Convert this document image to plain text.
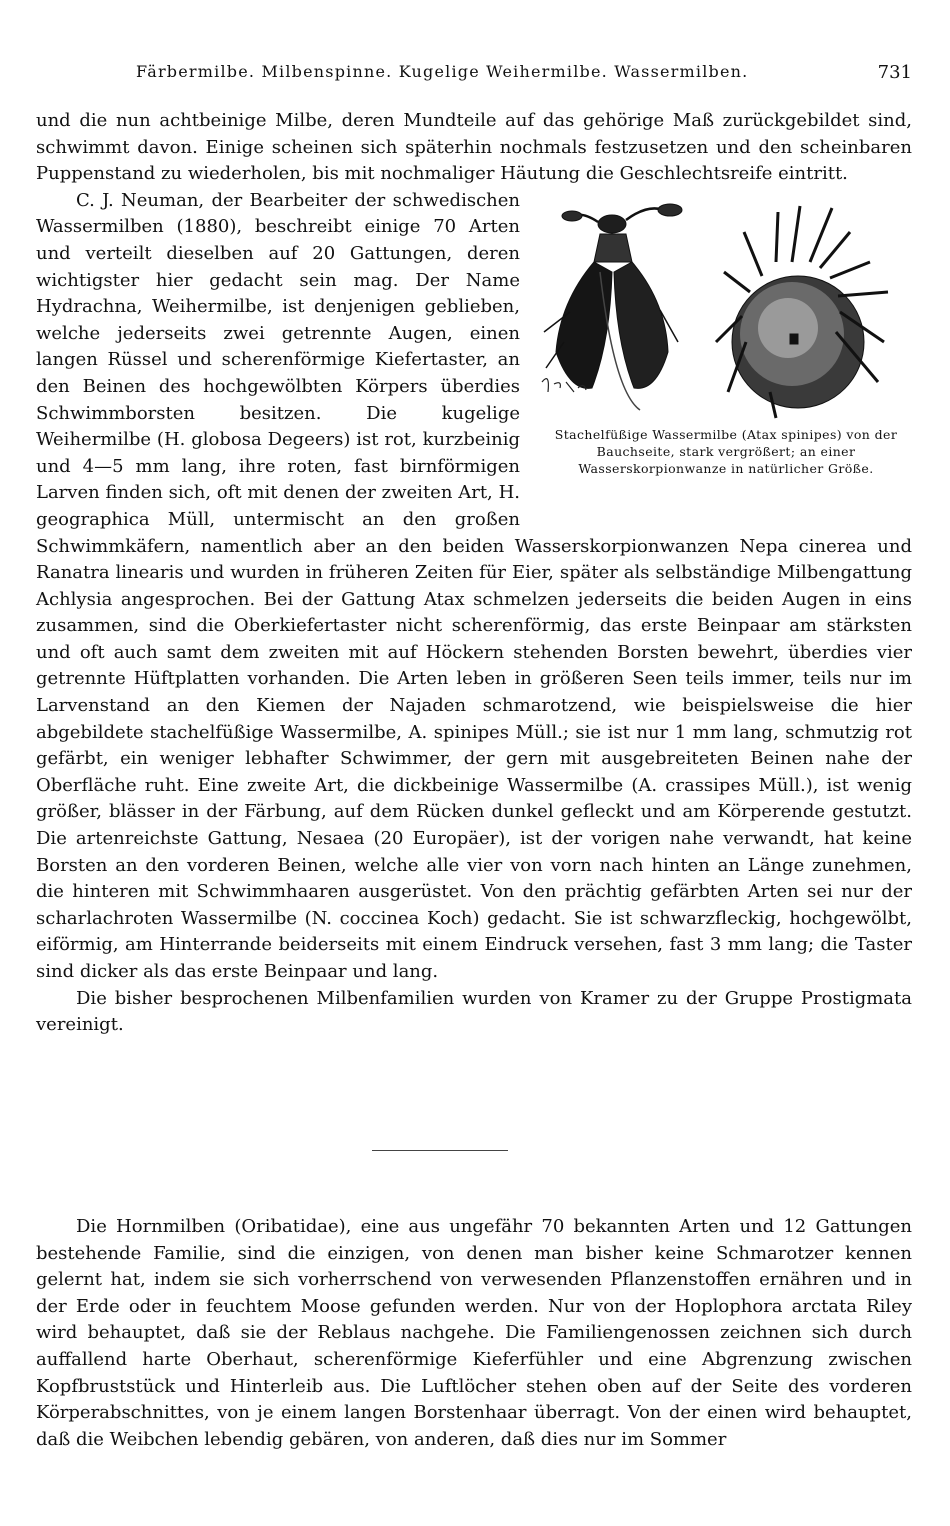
Färbermilbe. Milbenspinne. Kugelige Weihermilbe. Wassermilben.	731

und die nun achtbeinige Milbe, deren Mundteile auf das gehörige Maß zurückgebildet sind, schwimmt davon. Einige scheinen sich späterhin nochmals festzusetzen und den scheinbaren Puppenstand zu wiederholen, bis mit nochmaliger Häutung die Geschlechtsreife eintritt.

Stachelfüßige Wassermilbe (Atax spinipes) von der Bauchseite, stark vergrößert; an einer Wasserskorpionwanze in natürlicher Größe.

C. J. Neuman, der Bearbeiter der schwedischen Wassermilben (1880), beschreibt einige 70 Arten und verteilt dieselben auf 20 Gattungen, deren wichtigster hier gedacht sein mag. Der Name Hydrachna, Weihermilbe, ist denjenigen geblieben, welche jederseits zwei getrennte Augen, einen langen Rüssel und scherenförmige Kiefertaster, an den Beinen des hochgewölbten Körpers überdies Schwimmborsten besitzen. Die kugelige Weihermilbe (H. globosa Degeers) ist rot, kurzbeinig und 4—5 mm lang, ihre roten, fast birnförmigen Larven finden sich, oft mit denen der zweiten Art, H. geographica Müll, untermischt an den großen Schwimmkäfern, namentlich aber an den beiden Wasserskorpionwanzen Nepa cinerea und Ranatra linearis und wurden in früheren Zeiten für Eier, später als selbständige Milbengattung Achlysia angesprochen. Bei der Gattung Atax schmelzen jederseits die beiden Augen in eins zusammen, sind die Oberkiefertaster nicht scherenförmig, das erste Beinpaar am stärksten und oft auch samt dem zweiten mit auf Höckern stehenden Borsten bewehrt, überdies vier getrennte Hüftplatten vorhanden. Die Arten leben in größeren Seen teils immer, teils nur im Larvenstand an den Kiemen der Najaden schmarotzend, wie beispielsweise die hier abgebildete stachelfüßige Wassermilbe, A. spinipes Müll.; sie ist nur 1 mm lang, schmutzig rot gefärbt, ein weniger lebhafter Schwimmer, der gern mit ausgebreiteten Beinen nahe der Oberfläche ruht. Eine zweite Art, die dickbeinige Wassermilbe (A. crassipes Müll.), ist wenig größer, blässer in der Färbung, auf dem Rücken dunkel gefleckt und am Körperende gestutzt. Die artenreichste Gattung, Nesaea (20 Europäer), ist der vorigen nahe verwandt, hat keine Borsten an den vorderen Beinen, welche alle vier von vorn nach hinten an Länge zunehmen, die hinteren mit Schwimmhaaren ausgerüstet. Von den prächtig gefärbten Arten sei nur der scharlachroten Wassermilbe (N. coccinea Koch) gedacht. Sie ist schwarzfleckig, hochgewölbt, eiförmig, am Hinterrande beiderseits mit einem Eindruck versehen, fast 3 mm lang; die Taster sind dicker als das erste Beinpaar und lang.

Die bisher besprochenen Milbenfamilien wurden von Kramer zu der Gruppe Prostigmata vereinigt.

Die Hornmilben (Oribatidae), eine aus ungefähr 70 bekannten Arten und 12 Gattungen bestehende Familie, sind die einzigen, von denen man bisher keine Schmarotzer kennen gelernt hat, indem sie sich vorherrschend von verwesenden Pflanzenstoffen ernähren und in der Erde oder in feuchtem Moose gefunden werden. Nur von der Hoplophora arctata Riley wird behauptet, daß sie der Reblaus nachgehe. Die Familiengenossen zeichnen sich durch auffallend harte Oberhaut, scherenförmige Kieferfühler und eine Abgrenzung zwischen Kopfbruststück und Hinterleib aus. Die Luftlöcher stehen oben auf der Seite des vorderen Körperabschnittes, von je einem langen Borstenhaar überragt. Von der einen wird behauptet, daß die Weibchen lebendig gebären, von anderen, daß dies nur im Sommer
